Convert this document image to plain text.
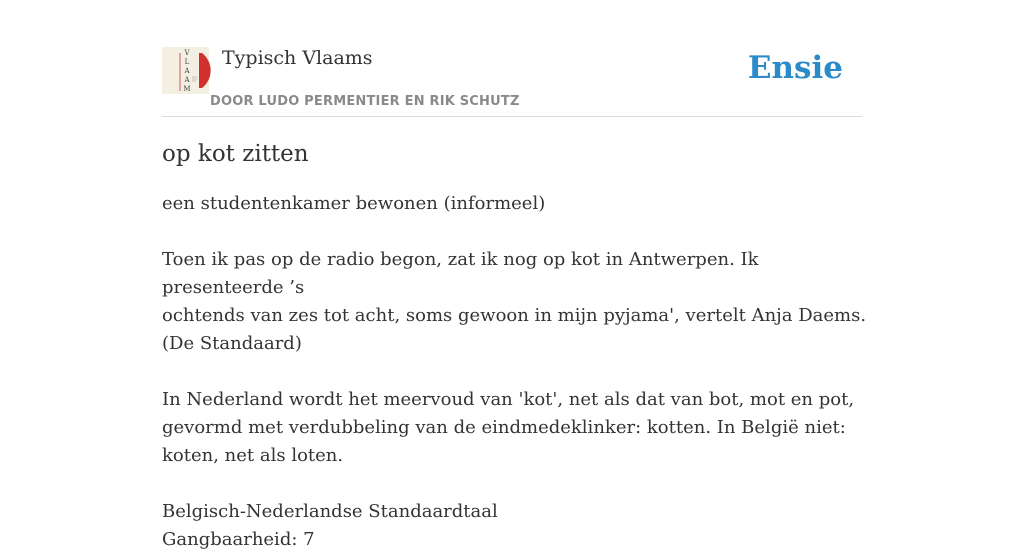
V
L
A
A
M
Typisch Vlaams
DOOR LUDO PERMENTIER EN RIK SCHUTZ
Ensie
op kot zitten

een studentenkamer bewonen (informeel)

Toen ik pas op de radio begon, zat ik nog op kot in Antwerpen. Ik presenteerde ’s
ochtends van zes tot acht, soms gewoon in mijn pyjama', vertelt Anja Daems.
(De Standaard)

In Nederland wordt het meervoud van 'kot', net als dat van bot, mot en pot, gevormd met verdubbeling van de eindmedeklinker: kotten. In België niet: koten, net als loten.

Belgisch-Nederlandse Standaardtaal
Gangbaarheid: 7
